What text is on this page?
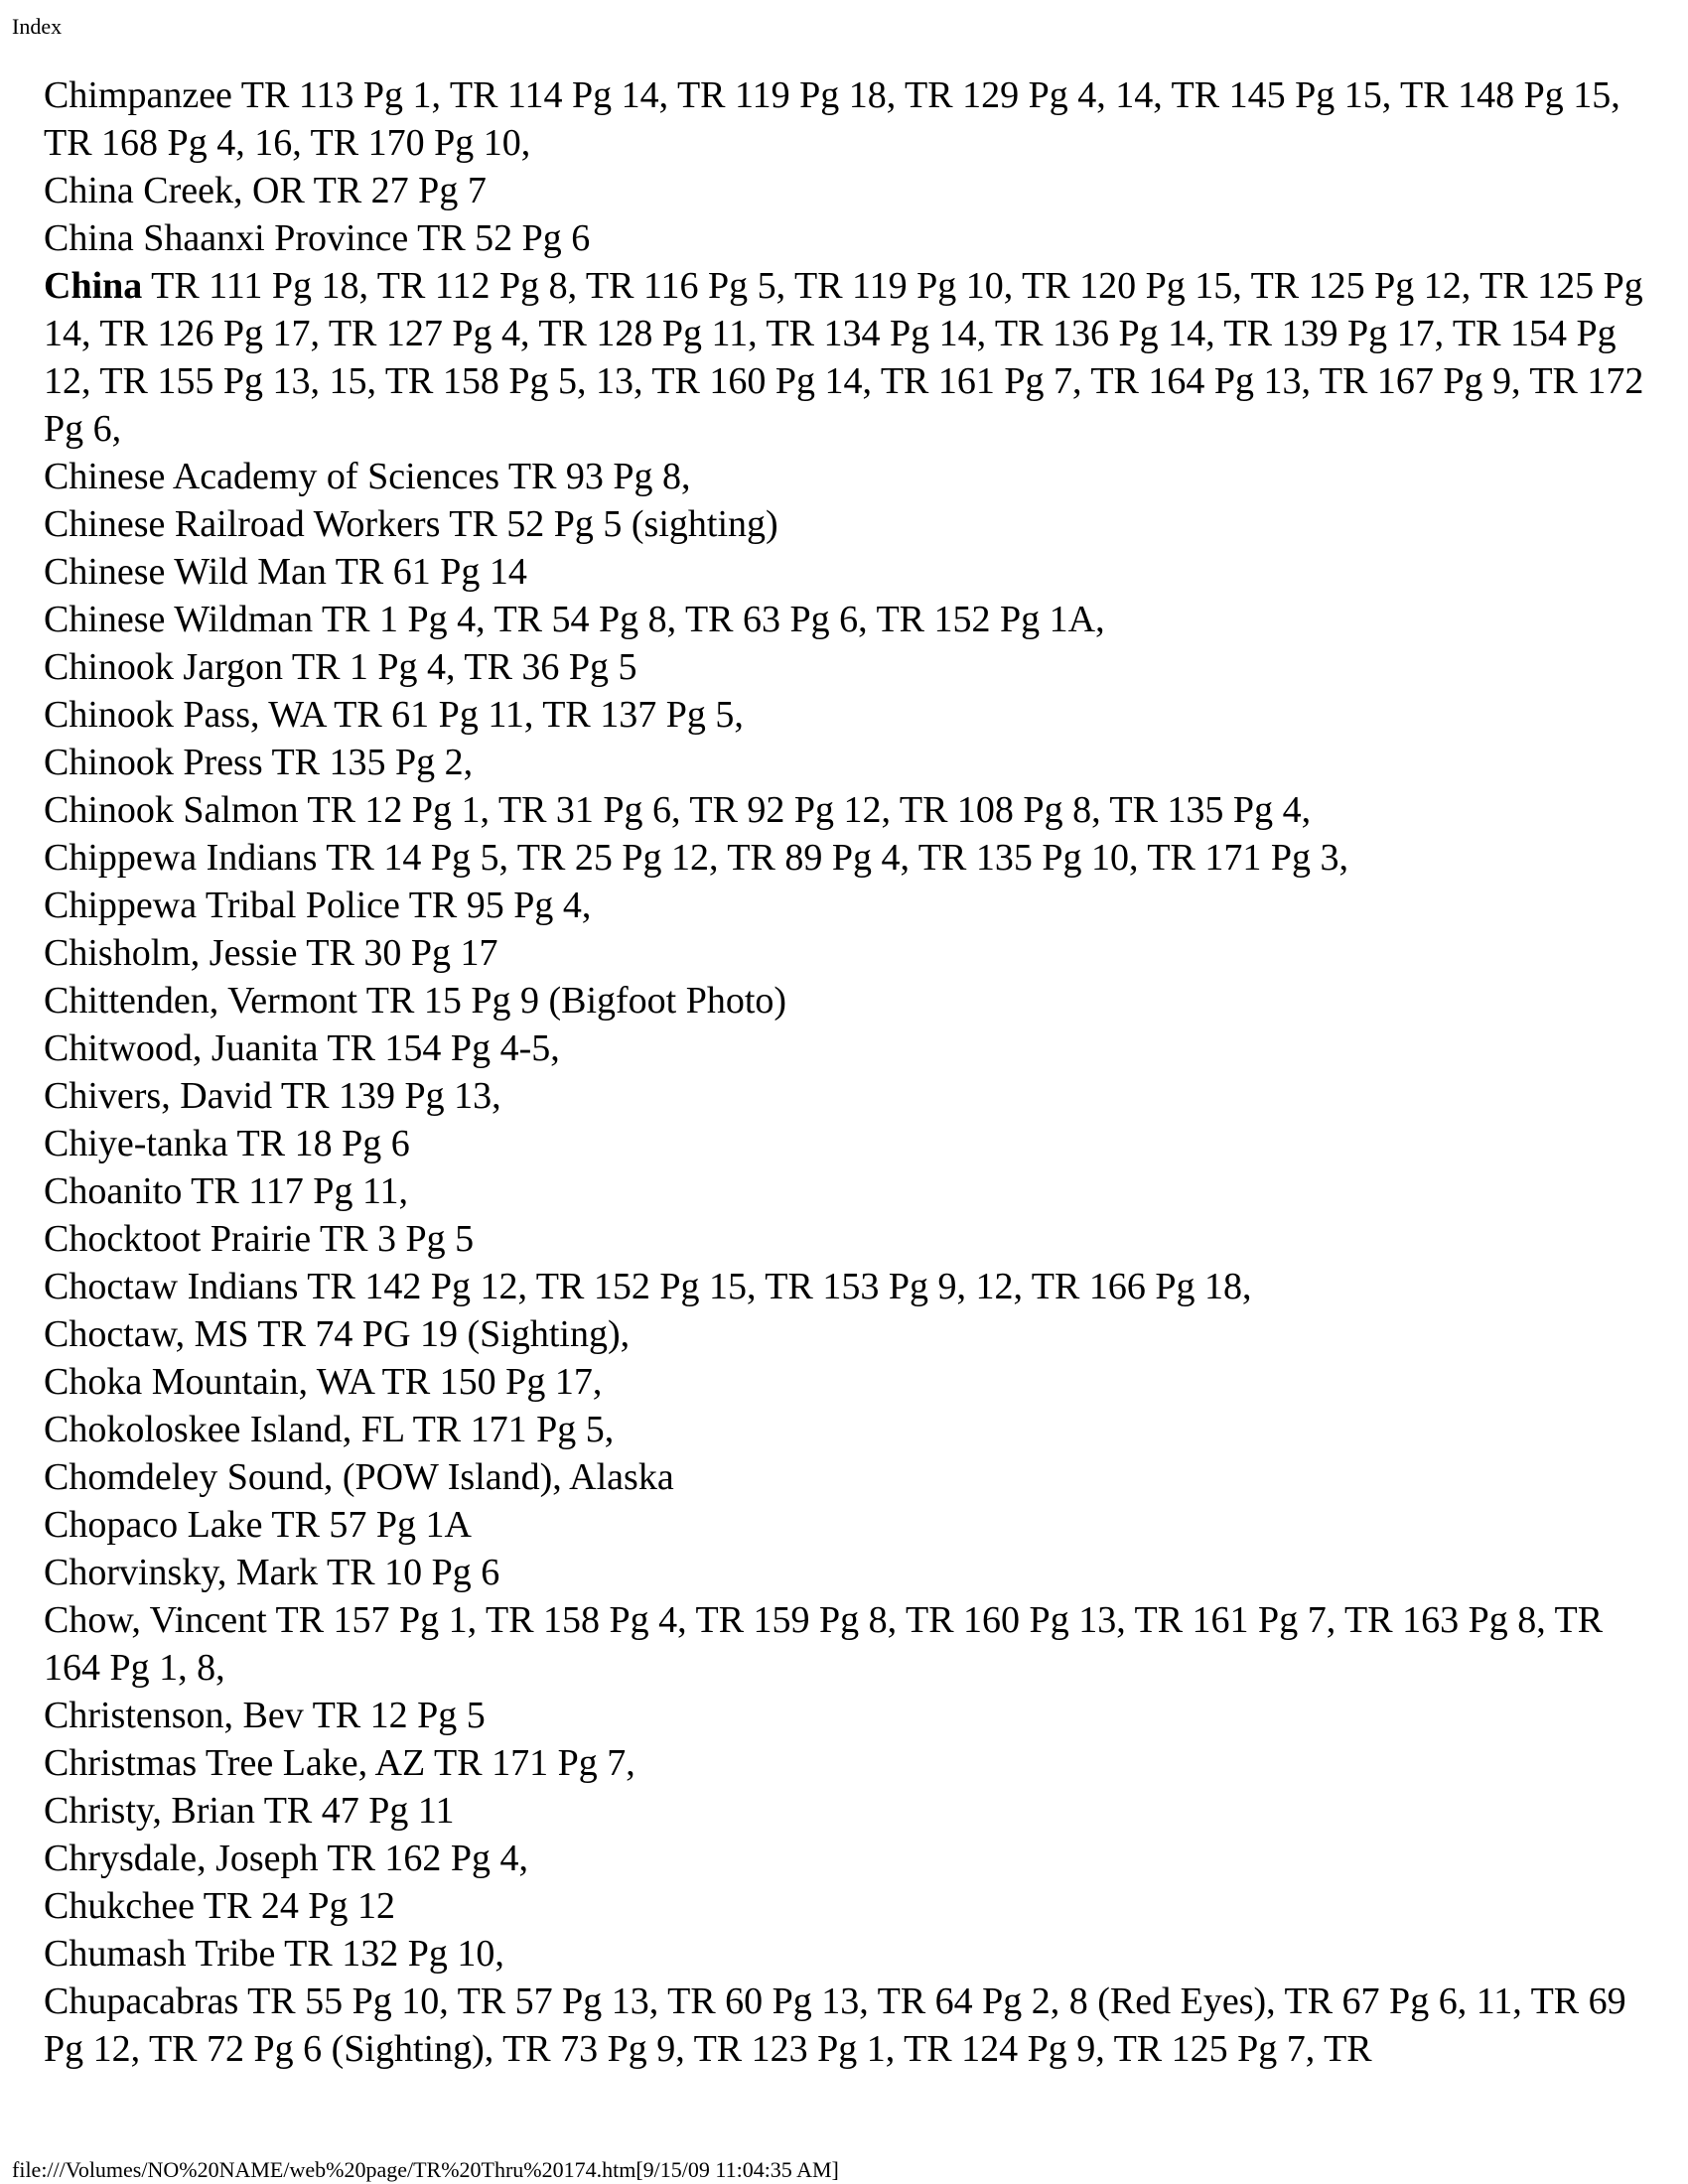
Index

Chimpanzee TR 113 Pg 1, TR 114 Pg 14, TR 119 Pg 18, TR 129 Pg 4, 14, TR 145 Pg 15, TR 148 Pg 15, TR 168 Pg 4, 16, TR 170 Pg 10,

China Creek, OR TR 27 Pg 7

China Shaanxi Province TR 52 Pg 6

China TR 111 Pg 18, TR 112 Pg 8, TR 116 Pg 5, TR 119 Pg 10, TR 120 Pg 15, TR 125 Pg 12, TR 125 Pg 14, TR 126 Pg 17, TR 127 Pg 4, TR 128 Pg 11, TR 134 Pg 14, TR 136 Pg 14, TR 139 Pg 17, TR 154 Pg 12, TR 155 Pg 13, 15, TR 158 Pg 5, 13, TR 160 Pg 14, TR 161 Pg 7, TR 164 Pg 13, TR 167 Pg 9, TR 172 Pg 6,

Chinese Academy of Sciences TR 93 Pg 8,

Chinese Railroad Workers TR 52 Pg 5 (sighting)

Chinese Wild Man TR 61 Pg 14

Chinese Wildman TR 1 Pg 4, TR 54 Pg 8, TR 63 Pg 6, TR 152 Pg 1A,

Chinook Jargon TR 1 Pg 4, TR 36 Pg 5

Chinook Pass, WA TR 61 Pg 11, TR 137 Pg 5,

Chinook Press TR 135 Pg 2,

Chinook Salmon TR 12 Pg 1, TR 31 Pg 6, TR 92 Pg 12, TR 108 Pg 8, TR 135 Pg 4,

Chippewa Indians TR 14 Pg 5, TR 25 Pg 12, TR 89 Pg 4, TR 135 Pg 10, TR 171 Pg 3,

Chippewa Tribal Police TR 95 Pg 4,

Chisholm, Jessie TR 30 Pg 17

Chittenden, Vermont TR 15 Pg 9 (Bigfoot Photo)

Chitwood, Juanita TR 154 Pg 4-5,

Chivers, David TR 139 Pg 13,

Chiye-tanka TR 18 Pg 6

Choanito TR 117 Pg 11,

Chocktoot Prairie TR 3 Pg 5

Choctaw Indians TR 142 Pg 12, TR 152 Pg 15, TR 153 Pg 9, 12, TR 166 Pg 18,

Choctaw, MS TR 74 PG 19 (Sighting),

Choka Mountain, WA TR 150 Pg 17,

Chokoloskee Island, FL TR 171 Pg 5,

Chomdeley Sound, (POW Island), Alaska

Chopaco Lake TR 57 Pg 1A

Chorvinsky, Mark TR 10 Pg 6

Chow, Vincent TR 157 Pg 1, TR 158 Pg 4, TR 159 Pg 8, TR 160 Pg 13, TR 161 Pg 7, TR 163 Pg 8, TR 164 Pg 1, 8,

Christenson, Bev TR 12 Pg 5

Christmas Tree Lake, AZ TR 171 Pg 7,

Christy, Brian TR 47 Pg 11

Chrysdale, Joseph TR 162 Pg 4,

Chukchee TR 24 Pg 12

Chumash Tribe TR 132 Pg 10,

Chupacabras TR 55 Pg 10, TR 57 Pg 13, TR 60 Pg 13, TR 64 Pg 2, 8 (Red Eyes), TR 67 Pg 6, 11, TR 69 Pg 12, TR 72 Pg 6 (Sighting), TR 73 Pg 9, TR 123 Pg 1, TR 124 Pg 9, TR 125 Pg 7, TR

file:///Volumes/NO%20NAME/web%20page/TR%20Thru%20174.htm[9/15/09 11:04:35 AM]
